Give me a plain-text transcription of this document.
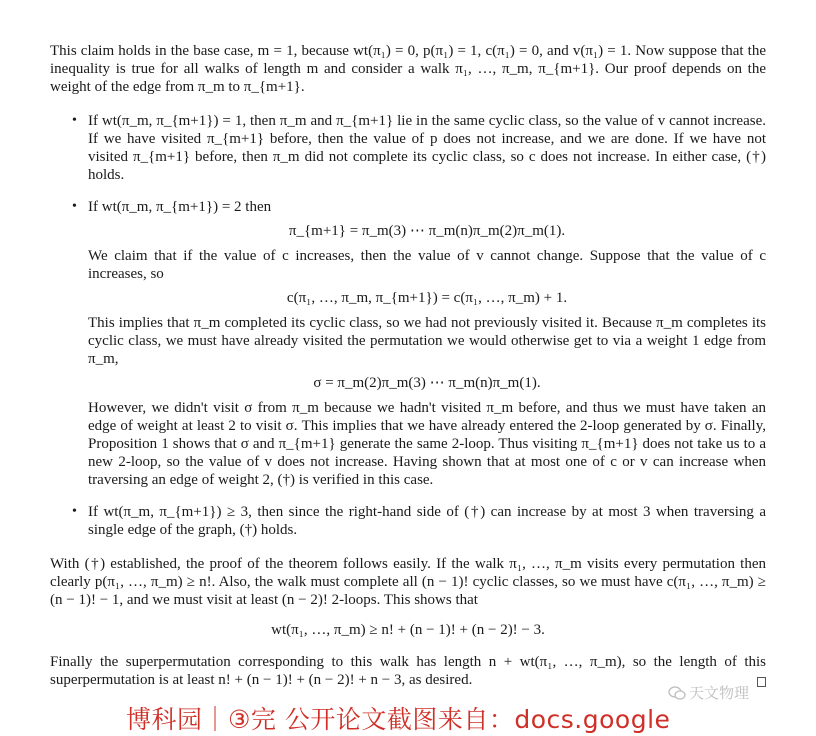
This claim holds in the base case, m = 1, because wt(π₁) = 0, p(π₁) = 1, c(π₁) = 0, and v(π₁) = 1. Now suppose that the inequality is true for all walks of length m and consider a walk π₁, …, π_m, π_{m+1}. Our proof depends on the weight of the edge from π_m to π_{m+1}.

• If wt(π_m, π_{m+1}) = 1, then π_m and π_{m+1} lie in the same cyclic class, so the value of v cannot increase. If we have visited π_{m+1} before, then the value of p does not increase, and we are done. If we have not visited π_{m+1} before, then π_m did not complete its cyclic class, so c does not increase. In either case, (†) holds.

• If wt(π_m, π_{m+1}) = 2 then

π_{m+1} = π_m(3) ⋯ π_m(n)π_m(2)π_m(1).

We claim that if the value of c increases, then the value of v cannot change. Suppose that the value of c increases, so

c(π₁, …, π_m, π_{m+1}) = c(π₁, …, π_m) + 1.

This implies that π_m completed its cyclic class, so we had not previously visited it. Because π_m completes its cyclic class, we must have already visited the permutation we would otherwise get to via a weight 1 edge from π_m,

σ = π_m(2)π_m(3) ⋯ π_m(n)π_m(1).

However, we didn't visit σ from π_m because we hadn't visited π_m before, and thus we must have taken an edge of weight at least 2 to visit σ. This implies that we have already entered the 2-loop generated by σ. Finally, Proposition 1 shows that σ and π_{m+1} generate the same 2-loop. Thus visiting π_{m+1} does not take us to a new 2-loop, so the value of v does not increase. Having shown that at most one of c or v can increase when traversing an edge of weight 2, (†) is verified in this case.

• If wt(π_m, π_{m+1}) ≥ 3, then since the right-hand side of (†) can increase by at most 3 when traversing a single edge of the graph, (†) holds.

With (†) established, the proof of the theorem follows easily. If the walk π₁, …, π_m visits every permutation then clearly p(π₁, …, π_m) ≥ n!. Also, the walk must complete all (n − 1)! cyclic classes, so we must have c(π₁, …, π_m) ≥ (n − 1)! − 1, and we must visit at least (n − 2)! 2-loops. This shows that

wt(π₁, …, π_m) ≥ n! + (n − 1)! + (n − 2)! − 3.

Finally the superpermutation corresponding to this walk has length n + wt(π₁, …, π_m), so the length of this superpermutation is at least n! + (n − 1)! + (n − 2)! + n − 3, as desired.

天文物理
博科园｜③完 公开论文截图来自：docs.google
